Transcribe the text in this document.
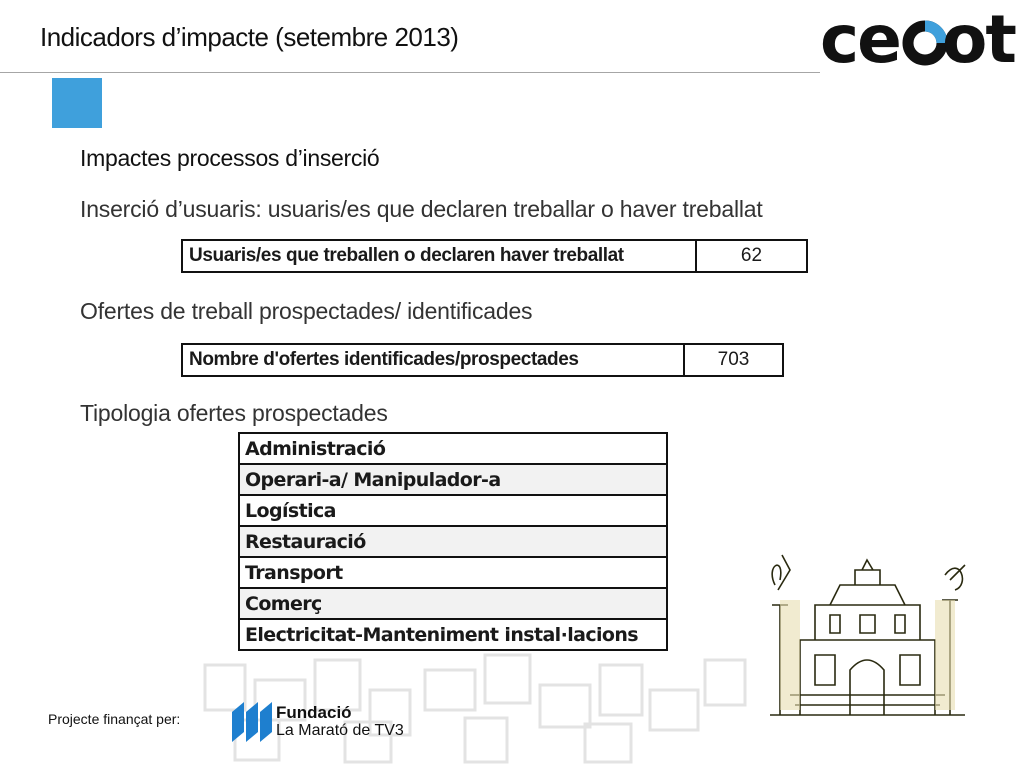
Indicadors d’impacte (setembre 2013)	ce ot
Impactes processos d’inserció
Inserció d’usuaris: usuaris/es que declaren treballar o haver treballat
Usuaris/es que treballen o declaren haver treballat	62
Ofertes de treball prospectades/ identificades
Nombre d'ofertes identificades/prospectades	703
Tipologia ofertes prospectades
Administració
Operari-a/ Manipulador-a
Logística
Restauració
Transport
Comerç
Electricitat-Manteniment instal·lacions
Projecte finançat per:	Fundació
La Marató de TV3
